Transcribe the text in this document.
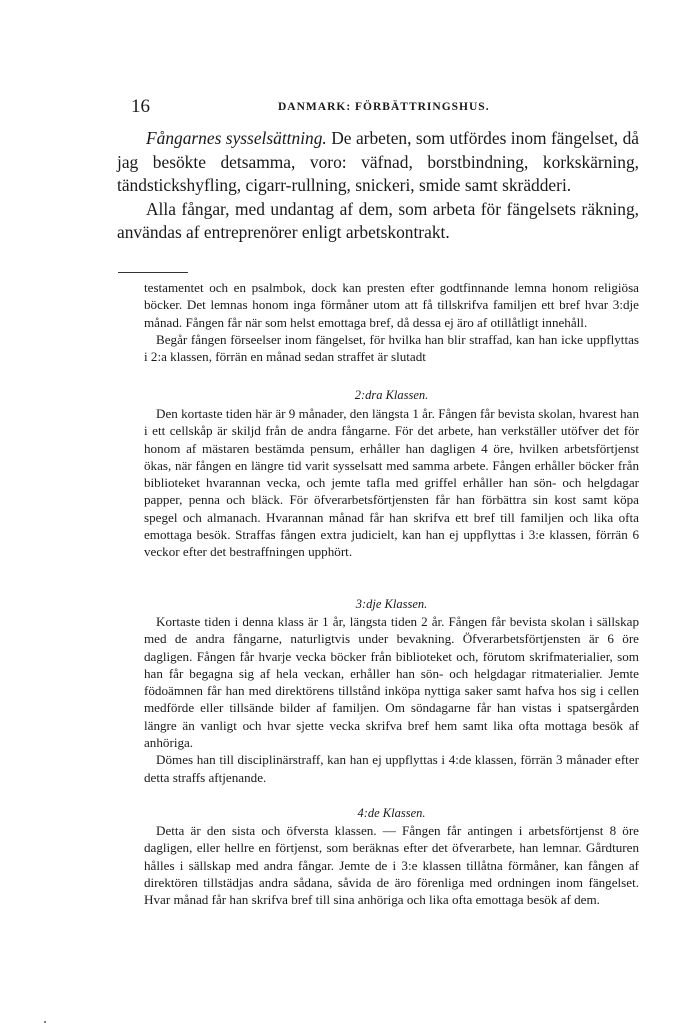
16	DANMARK: FÖRBÄTTRINGSHUS.

Fångarnes sysselsättning. De arbeten, som utfördes inom fängelset, då jag besökte detsamma, voro: väfnad, borstbindning, korkskärning, tändstickshyfling, cigarr-rullning, snickeri, smide samt skrädderi.

Alla fångar, med undantag af dem, som arbeta för fängelsets räkning, användas af entreprenörer enligt arbetskontrakt.

testamentet och en psalmbok, dock kan presten efter godtfinnande lemna honom religiösa böcker. Det lemnas honom inga förmåner utom att få tillskrifva familjen ett bref hvar 3:dje månad. Fången får när som helst emottaga bref, då dessa ej äro af otillåtligt innehåll.

Begår fången förseelser inom fängelset, för hvilka han blir straffad, kan han icke uppflyttas i 2:a klassen, förrän en månad sedan straffet är slutadt

2:dra Klassen.

Den kortaste tiden här är 9 månader, den längsta 1 år. Fången får bevista skolan, hvarest han i ett cellskåp är skiljd från de andra fångarne. För det arbete, han verkställer utöfver det för honom af mästaren bestämda pensum, erhåller han dagligen 4 öre, hvilken arbetsförtjenst ökas, när fången en längre tid varit sysselsatt med samma arbete. Fången erhåller böcker från biblioteket hvarannan vecka, och jemte tafla med griffel erhåller han sön- och helgdagar papper, penna och bläck. För öfverarbetsförtjensten får han förbättra sin kost samt köpa spegel och almanach. Hvarannan månad får han skrifva ett bref till familjen och lika ofta emottaga besök. Straffas fången extra judicielt, kan han ej uppflyttas i 3:e klassen, förrän 6 veckor efter det bestraffningen upphört.

3:dje Klassen.

Kortaste tiden i denna klass är 1 år, längsta tiden 2 år. Fången får bevista skolan i sällskap med de andra fångarne, naturligtvis under bevakning. Öfverarbetsförtjensten är 6 öre dagligen. Fången får hvarje vecka böcker från biblioteket och, förutom skrifmaterialier, som han får begagna sig af hela veckan, erhåller han sön- och helgdagar ritmaterialier. Jemte födoämnen får han med direktörens tillstånd inköpa nyttiga saker samt hafva hos sig i cellen medförde eller tillsände bilder af familjen. Om söndagarne får han vistas i spatsergården längre än vanligt och hvar sjette vecka skrifva bref hem samt lika ofta mottaga besök af anhöriga.

Dömes han till disciplinärstraff, kan han ej uppflyttas i 4:de klassen, förrän 3 månader efter detta straffs aftjenande.

4:de Klassen.

Detta är den sista och öfversta klassen. — Fången får antingen i arbetsförtjenst 8 öre dagligen, eller hellre en förtjenst, som beräknas efter det öfverarbete, han lemnar. Gårdturen hålles i sällskap med andra fångar. Jemte de i 3:e klassen tillåtna förmåner, kan fången af direktören tillstädjas andra sådana, såvida de äro förenliga med ordningen inom fängelset. Hvar månad får han skrifva bref till sina anhöriga och lika ofta emottaga besök af dem.
